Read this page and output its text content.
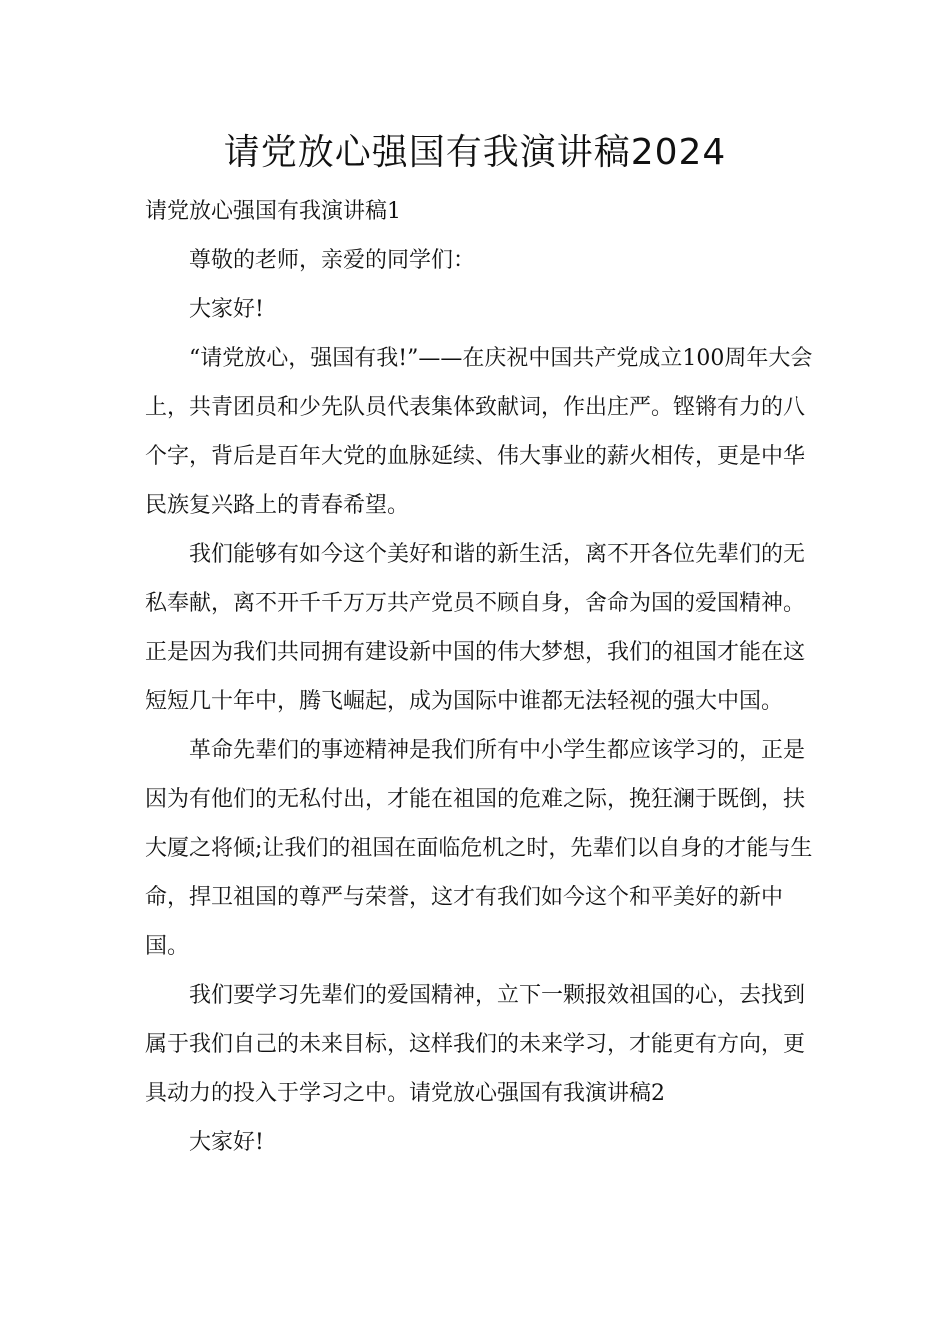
请党放心强国有我演讲稿2024

请党放心强国有我演讲稿1

尊敬的老师，亲爱的同学们：

大家好!

“请党放心，强国有我!”——在庆祝中国共产党成立100周年大会上，共青团员和少先队员代表集体致献词，作出庄严。铿锵有力的八个字，背后是百年大党的血脉延续、伟大事业的薪火相传，更是中华民族复兴路上的青春希望。

我们能够有如今这个美好和谐的新生活，离不开各位先辈们的无私奉献，离不开千千万万共产党员不顾自身，舍命为国的爱国精神。正是因为我们共同拥有建设新中国的伟大梦想，我们的祖国才能在这短短几十年中，腾飞崛起，成为国际中谁都无法轻视的强大中国。

革命先辈们的事迹精神是我们所有中小学生都应该学习的，正是因为有他们的无私付出，才能在祖国的危难之际，挽狂澜于既倒，扶大厦之将倾;让我们的祖国在面临危机之时，先辈们以自身的才能与生命，捍卫祖国的尊严与荣誉，这才有我们如今这个和平美好的新中国。

我们要学习先辈们的爱国精神，立下一颗报效祖国的心，去找到属于我们自己的未来目标，这样我们的未来学习，才能更有方向，更具动力的投入于学习之中。请党放心强国有我演讲稿2

大家好!
